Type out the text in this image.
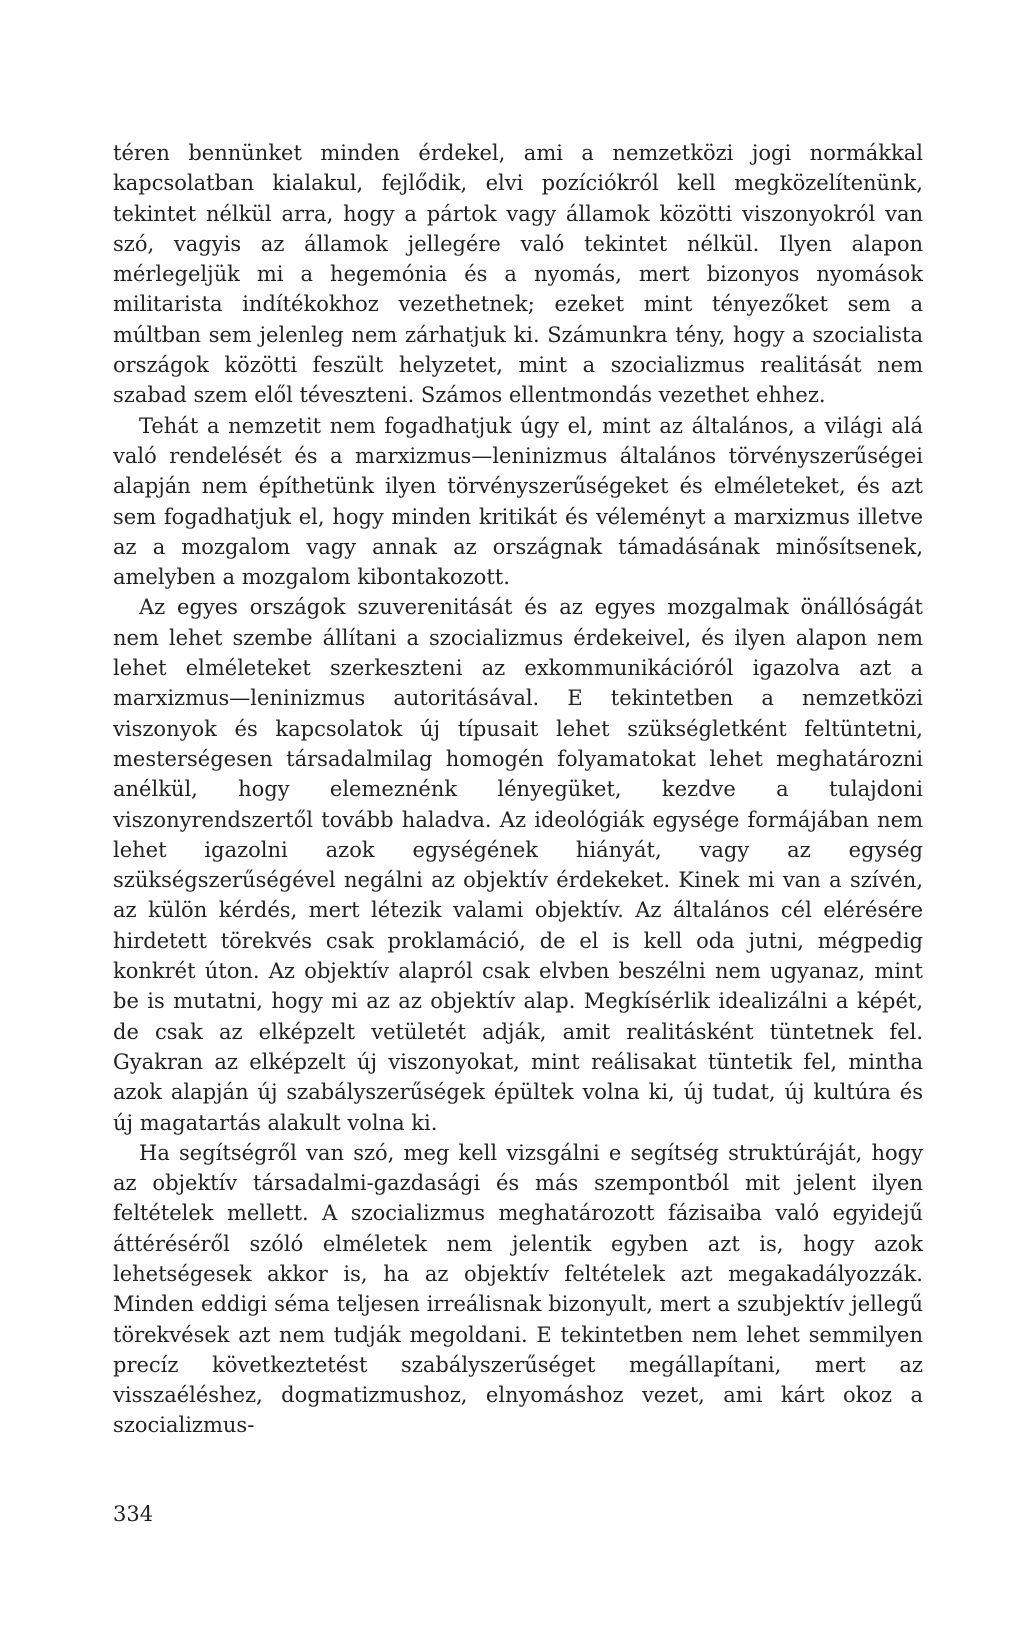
téren bennünket minden érdekel, ami a nemzetközi jogi normákkal kapcsolatban kialakul, fejlődik, elvi pozíciókról kell megközelítenünk, tekintet nélkül arra, hogy a pártok vagy államok közötti viszonyokról van szó, vagyis az államok jellegére való tekintet nélkül. Ilyen alapon mérlegeljük mi a hegemónia és a nyomás, mert bizonyos nyomások militarista indítékokhoz vezethetnek; ezeket mint tényezőket sem a múltban sem jelenleg nem zárhatjuk ki. Számunkra tény, hogy a szocialista országok közötti feszült helyzetet, mint a szocializmus realitását nem szabad szem elől téveszteni. Számos ellentmondás vezethet ehhez.

Tehát a nemzetit nem fogadhatjuk úgy el, mint az általános, a világi alá való rendelését és a marxizmus—leninizmus általános törvényszerűségei alapján nem építhetünk ilyen törvényszerűségeket és elméleteket, és azt sem fogadhatjuk el, hogy minden kritikát és véleményt a marxizmus illetve az a mozgalom vagy annak az országnak támadásának minősítsenek, amelyben a mozgalom kibontakozott.

Az egyes országok szuverenitását és az egyes mozgalmak önállóságát nem lehet szembe állítani a szocializmus érdekeivel, és ilyen alapon nem lehet elméleteket szerkeszteni az exkommunikációról igazolva azt a marxizmus—leninizmus autoritásával. E tekintetben a nemzetközi viszonyok és kapcsolatok új típusait lehet szükségletként feltüntetni, mesterségesen társadalmilag homogén folyamatokat lehet meghatározni anélkül, hogy elemeznénk lényegüket, kezdve a tulajdoni viszonyrendszertől tovább haladva. Az ideológiák egysége formájában nem lehet igazolni azok egységének hiányát, vagy az egység szükségszerűségével negálni az objektív érdekeket. Kinek mi van a szívén, az külön kérdés, mert létezik valami objektív. Az általános cél elérésére hirdetett törekvés csak proklamáció, de el is kell oda jutni, mégpedig konkrét úton. Az objektív alapról csak elvben beszélni nem ugyanaz, mint be is mutatni, hogy mi az az objektív alap. Megkísérlik idealizálni a képét, de csak az elképzelt vetületét adják, amit realitásként tüntetnek fel. Gyakran az elképzelt új viszonyokat, mint reálisakat tüntetik fel, mintha azok alapján új szabályszerűségek épültek volna ki, új tudat, új kultúra és új magatartás alakult volna ki.

Ha segítségről van szó, meg kell vizsgálni e segítség struktúráját, hogy az objektív társadalmi-gazdasági és más szempontból mit jelent ilyen feltételek mellett. A szocializmus meghatározott fázisaiba való egyidejű áttéréséről szóló elméletek nem jelentik egyben azt is, hogy azok lehetségesek akkor is, ha az objektív feltételek azt megakadályozzák. Minden eddigi séma teljesen irreálisnak bizonyult, mert a szubjektív jellegű törekvések azt nem tudják megoldani. E tekintetben nem lehet semmilyen precíz következtetést szabályszerűséget megállapítani, mert az visszaéléshez, dogmatizmushoz, elnyomáshoz vezet, ami kárt okoz a szocializmus-

334
